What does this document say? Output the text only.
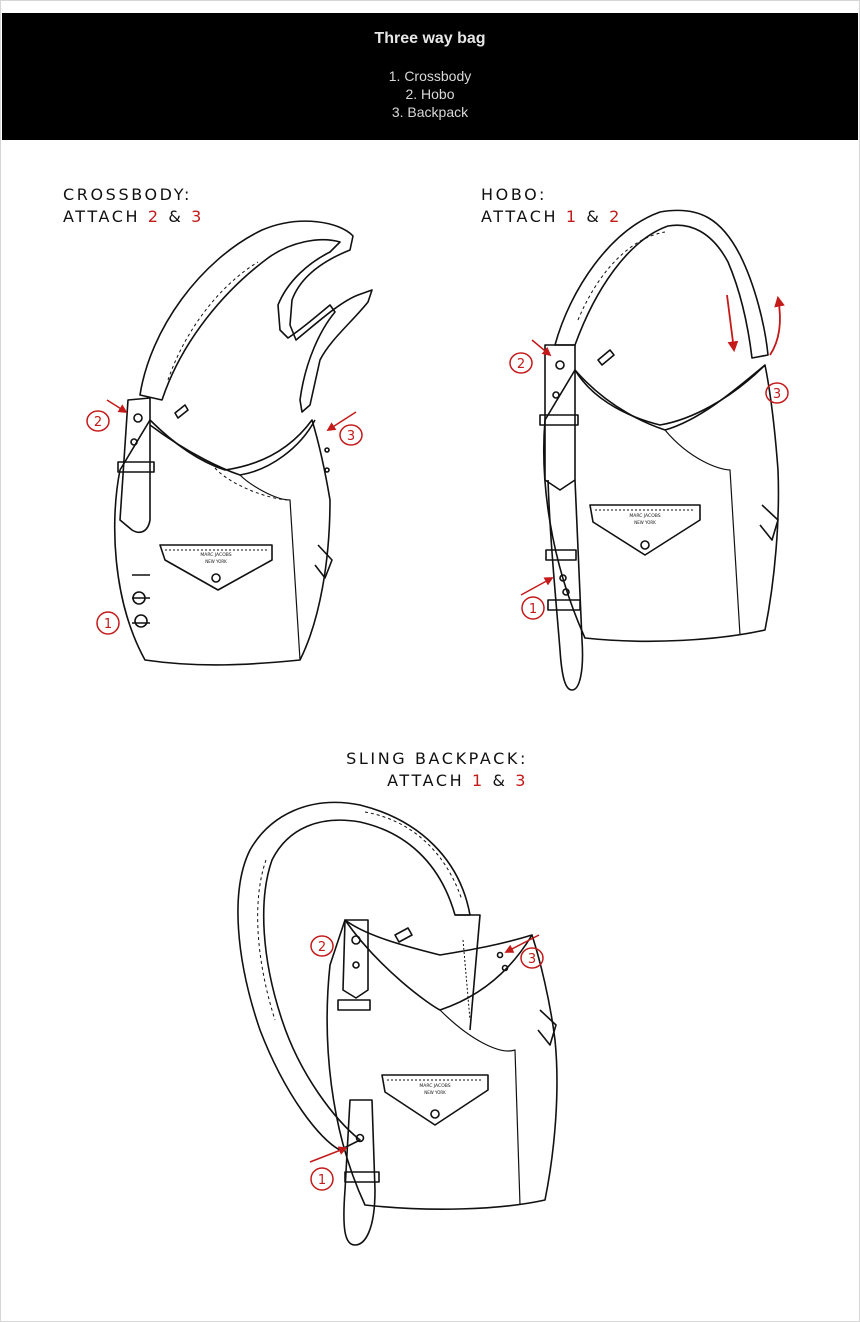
Three way bag
1. Crossbody
2. Hobo
3. Backpack
CROSSBODY:
ATTACH 2 & 3
HOBO:
ATTACH 1 & 2
SLING BACKPACK:
ATTACH 1 & 3
MARC JACOBS
NEW YORK
2
3
1
MARC JACOBS
NEW YORK
2
3
1
MARC JACOBS
NEW YORK
2
3
1
